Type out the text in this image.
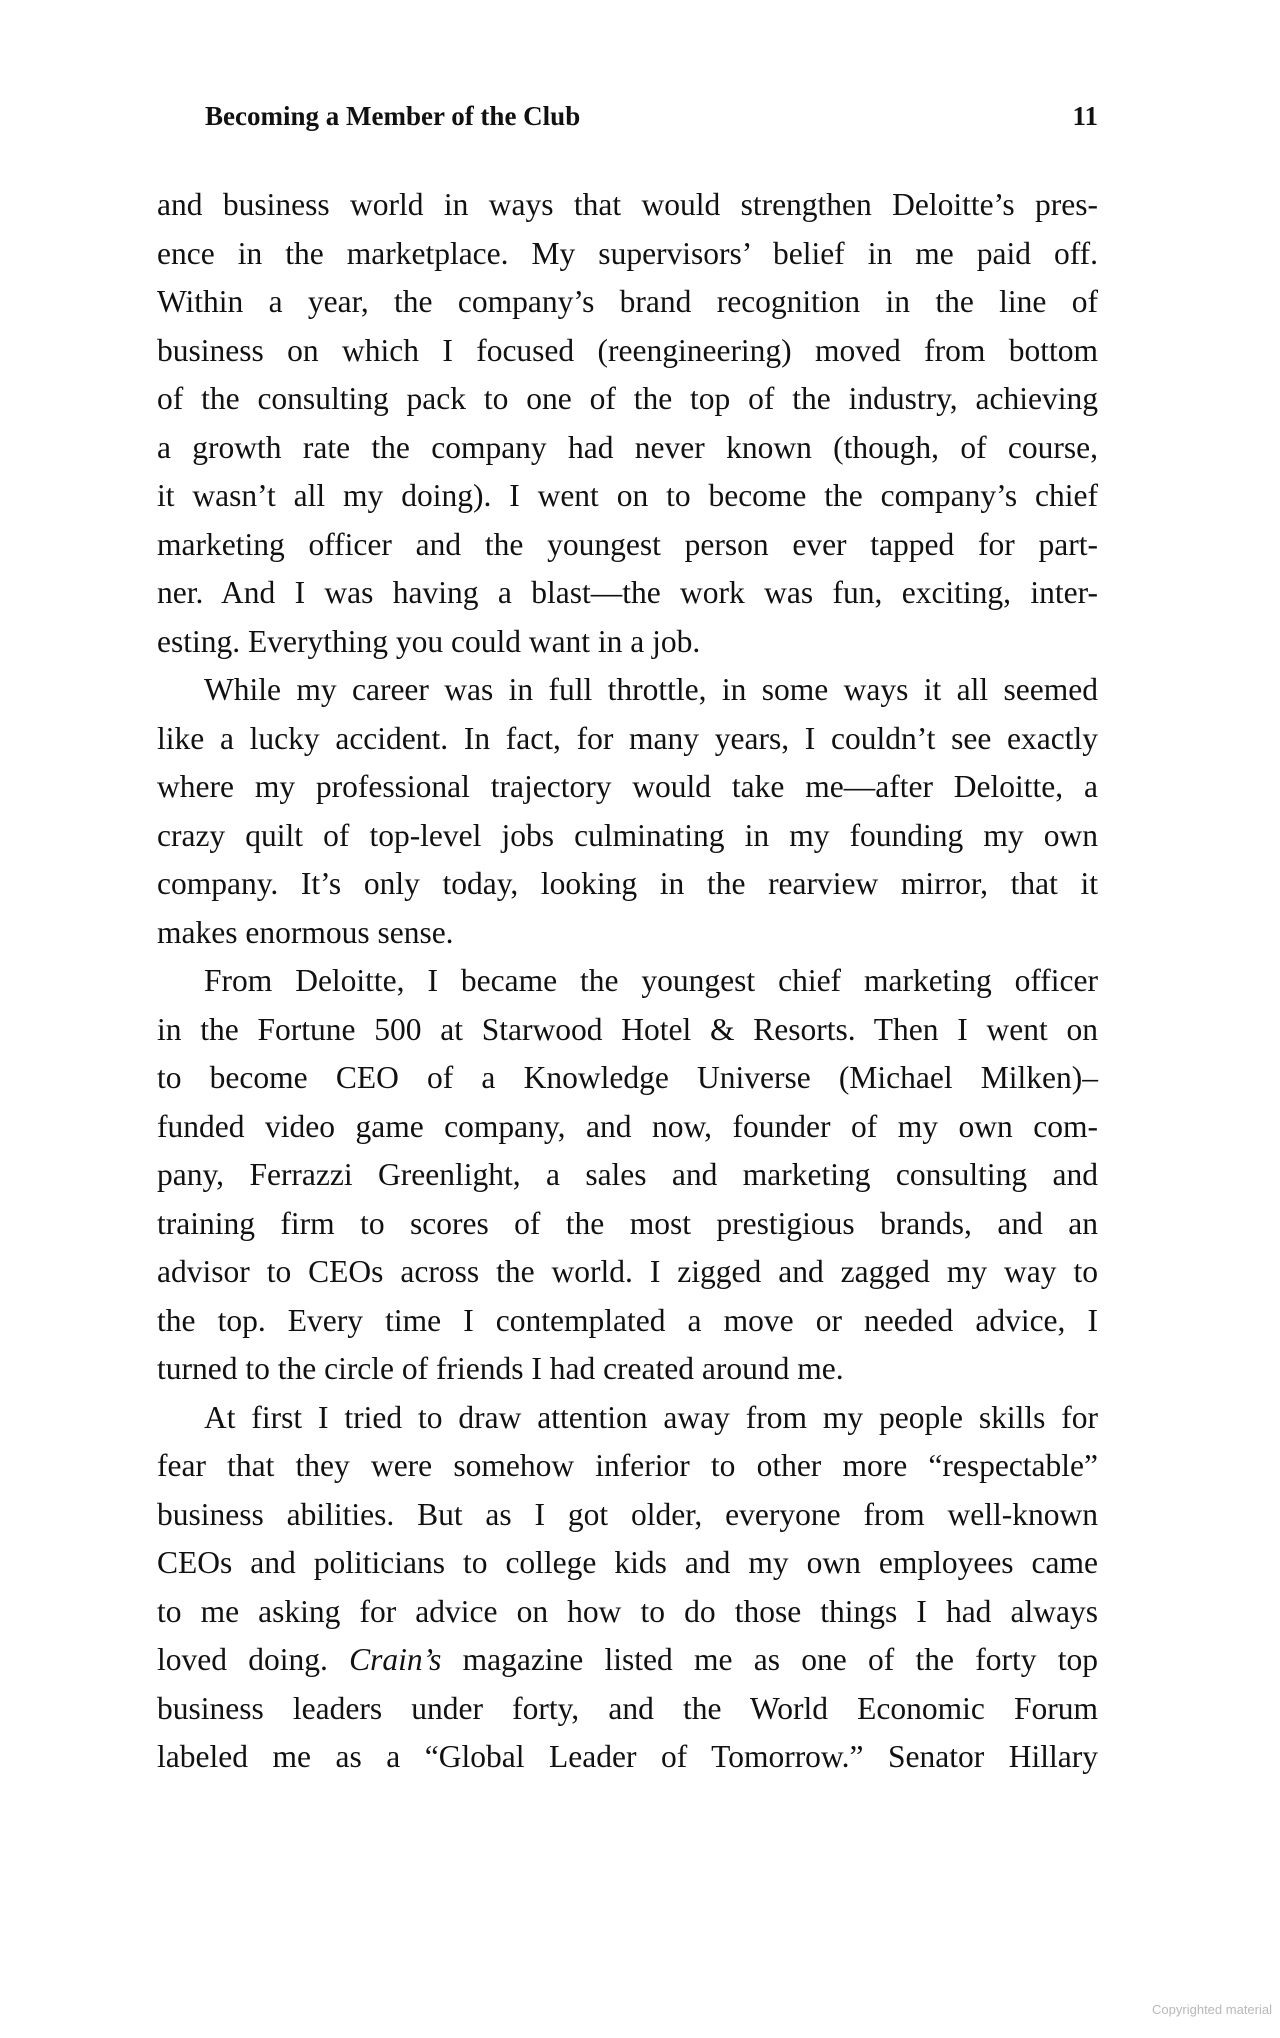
Becoming a Member of the Club	11
and business world in ways that would strengthen Deloitte’s pres-
ence in the marketplace. My supervisors’ belief in me paid off.
Within a year, the company’s brand recognition in the line of
business on which I focused (reengineering) moved from bottom
of the consulting pack to one of the top of the industry, achieving
a growth rate the company had never known (though, of course,
it wasn’t all my doing). I went on to become the company’s chief
marketing officer and the youngest person ever tapped for part-
ner. And I was having a blast—the work was fun, exciting, inter-
esting. Everything you could want in a job.
While my career was in full throttle, in some ways it all seemed
like a lucky accident. In fact, for many years, I couldn’t see exactly
where my professional trajectory would take me—after Deloitte, a
crazy quilt of top-level jobs culminating in my founding my own
company. It’s only today, looking in the rearview mirror, that it
makes enormous sense.
From Deloitte, I became the youngest chief marketing officer
in the Fortune 500 at Starwood Hotel & Resorts. Then I went on
to become CEO of a Knowledge Universe (Michael Milken)–
funded video game company, and now, founder of my own com-
pany, Ferrazzi Greenlight, a sales and marketing consulting and
training firm to scores of the most prestigious brands, and an
advisor to CEOs across the world. I zigged and zagged my way to
the top. Every time I contemplated a move or needed advice, I
turned to the circle of friends I had created around me.
At first I tried to draw attention away from my people skills for
fear that they were somehow inferior to other more “respectable”
business abilities. But as I got older, everyone from well-known
CEOs and politicians to college kids and my own employees came
to me asking for advice on how to do those things I had always
loved doing. Crain’s magazine listed me as one of the forty top
business leaders under forty, and the World Economic Forum
labeled me as a “Global Leader of Tomorrow.” Senator Hillary
Copyrighted material
